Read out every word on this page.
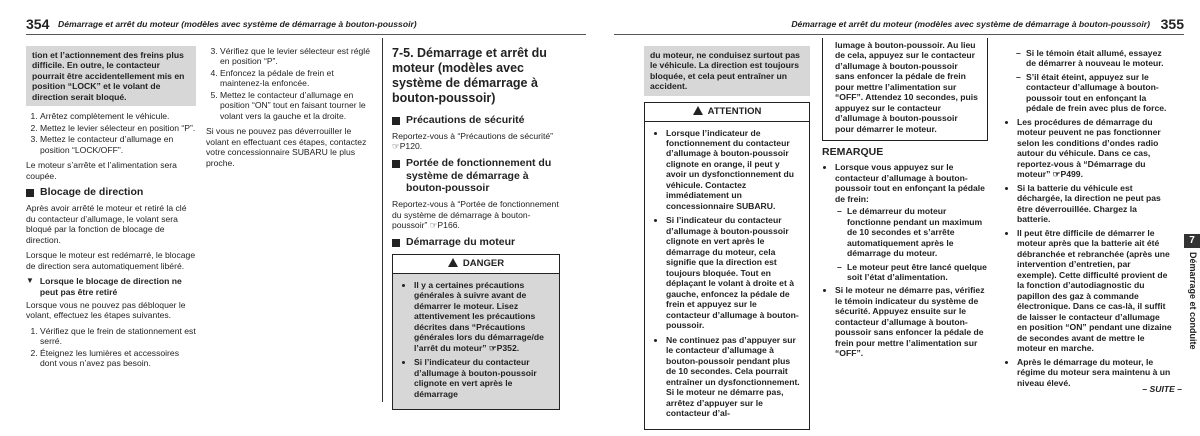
354 Démarrage et arrêt du moteur (modèles avec système de démarrage à bouton-poussoir)

tion et l’actionnement des freins plus difficile. En outre, le contacteur pourrait être accidentellement mis en position “LOCK” et le volant de direction serait bloqué.

1. Arrêtez complètement le véhicule.
2. Mettez le levier sélecteur en position “P”.
3. Mettez le contacteur d’allumage en position “LOCK/OFF”.

Le moteur s’arrête et l’alimentation sera coupée.

Blocage de direction

Après avoir arrêté le moteur et retiré la clé du contacteur d’allumage, le volant sera bloqué par la fonction de blocage de direction.

Lorsque le moteur est redémarré, le blocage de direction sera automatiquement libéré.

▼ Lorsque le blocage de direction ne peut pas être retiré

Lorsque vous ne pouvez pas débloquer le volant, effectuez les étapes suivantes.

1. Vérifiez que le frein de stationnement est serré.
2. Éteignez les lumières et accessoires dont vous n’avez pas besoin.
3. Vérifiez que le levier sélecteur est réglé en position “P”.
4. Enfoncez la pédale de frein et maintenez-la enfoncée.
5. Mettez le contacteur d’allumage en position “ON” tout en faisant tourner le volant vers la gauche et la droite.

Si vous ne pouvez pas déverrouiller le volant en effectuant ces étapes, contactez votre concessionnaire SUBARU le plus proche.

7-5. Démarrage et arrêt du moteur (modèles avec système de démarrage à bouton-poussoir)
Précautions de sécurité

Reportez-vous à “Précautions de sécurité” ☞P120.

Portée de fonctionnement du système de démarrage à bouton-poussoir

Reportez-vous à “Portée de fonctionnement du système de démarrage à bouton-poussoir” ☞P166.

Démarrage du moteur
DANGER
• Il y a certaines précautions générales à suivre avant de démarrer le moteur. Lisez attentivement les précautions décrites dans “Précautions générales lors du démarrage/de l’arrêt du moteur” ☞P352.
• Si l’indicateur du contacteur d’allumage à bouton-poussoir clignote en vert après le démarrage
Démarrage et arrêt du moteur (modèles avec système de démarrage à bouton-poussoir) 355

du moteur, ne conduisez surtout pas le véhicule. La direction est toujours bloquée, et cela peut entraîner un accident.

ATTENTION
• Lorsque l’indicateur de fonctionnement du contacteur d’allumage à bouton-poussoir clignote en orange, il peut y avoir un dysfonctionnement du véhicule. Contactez immédiatement un concessionnaire SUBARU.
• Si l’indicateur du contacteur d’allumage à bouton-poussoir clignote en vert après le démarrage du moteur, cela signifie que la direction est toujours bloquée. Tout en déplaçant le volant à droite et à gauche, enfoncez la pédale de frein et appuyez sur le contacteur d’allumage à bouton-poussoir.
• Ne continuez pas d’appuyer sur le contacteur d’allumage à bouton-poussoir pendant plus de 10 secondes. Cela pourrait entraîner un dysfonctionnement. Si le moteur ne démarre pas, arrêtez d’appuyer sur le contacteur d’al-

lumage à bouton-poussoir. Au lieu de cela, appuyez sur le contacteur d’allumage à bouton-poussoir sans enfoncer la pédale de frein pour mettre l’alimentation sur “OFF”. Attendez 10 secondes, puis appuyez sur le contacteur d’allumage à bouton-poussoir pour démarrer le moteur.

REMARQUE
• Lorsque vous appuyez sur le contacteur d’allumage à bouton-poussoir tout en enfonçant la pédale de frein:
– Le démarreur du moteur fonctionne pendant un maximum de 10 secondes et s’arrête automatiquement après le démarrage du moteur.
– Le moteur peut être lancé quelque soit l’état d’alimentation.
• Si le moteur ne démarre pas, vérifiez le témoin indicateur du système de sécurité. Appuyez ensuite sur le contacteur d’allumage à bouton-poussoir sans enfoncer la pédale de frein pour mettre l’alimentation sur “OFF”.
– Si le témoin était allumé, essayez de démarrer à nouveau le moteur.
– S’il était éteint, appuyez sur le contacteur d’allumage à bouton-poussoir tout en enfonçant la pédale de frein avec plus de force.
• Les procédures de démarrage du moteur peuvent ne pas fonctionner selon les conditions d’ondes radio autour du véhicule. Dans ce cas, reportez-vous à “Démarrage du moteur” ☞P499.
• Si la batterie du véhicule est déchargée, la direction ne peut pas être déverrouillée. Chargez la batterie.
• Il peut être difficile de démarrer le moteur après que la batterie ait été débranchée et rebranchée (après une intervention d’entretien, par exemple). Cette difficulté provient de la fonction d’autodiagnostic du papillon des gaz à commande électronique. Dans ce cas-là, il suffit de laisser le contacteur d’allumage en position “ON” pendant une dizaine de secondes avant de mettre le moteur en marche.
• Après le démarrage du moteur, le régime du moteur sera maintenu à un niveau élevé.
7
Démarrage et conduite
– SUITE –
